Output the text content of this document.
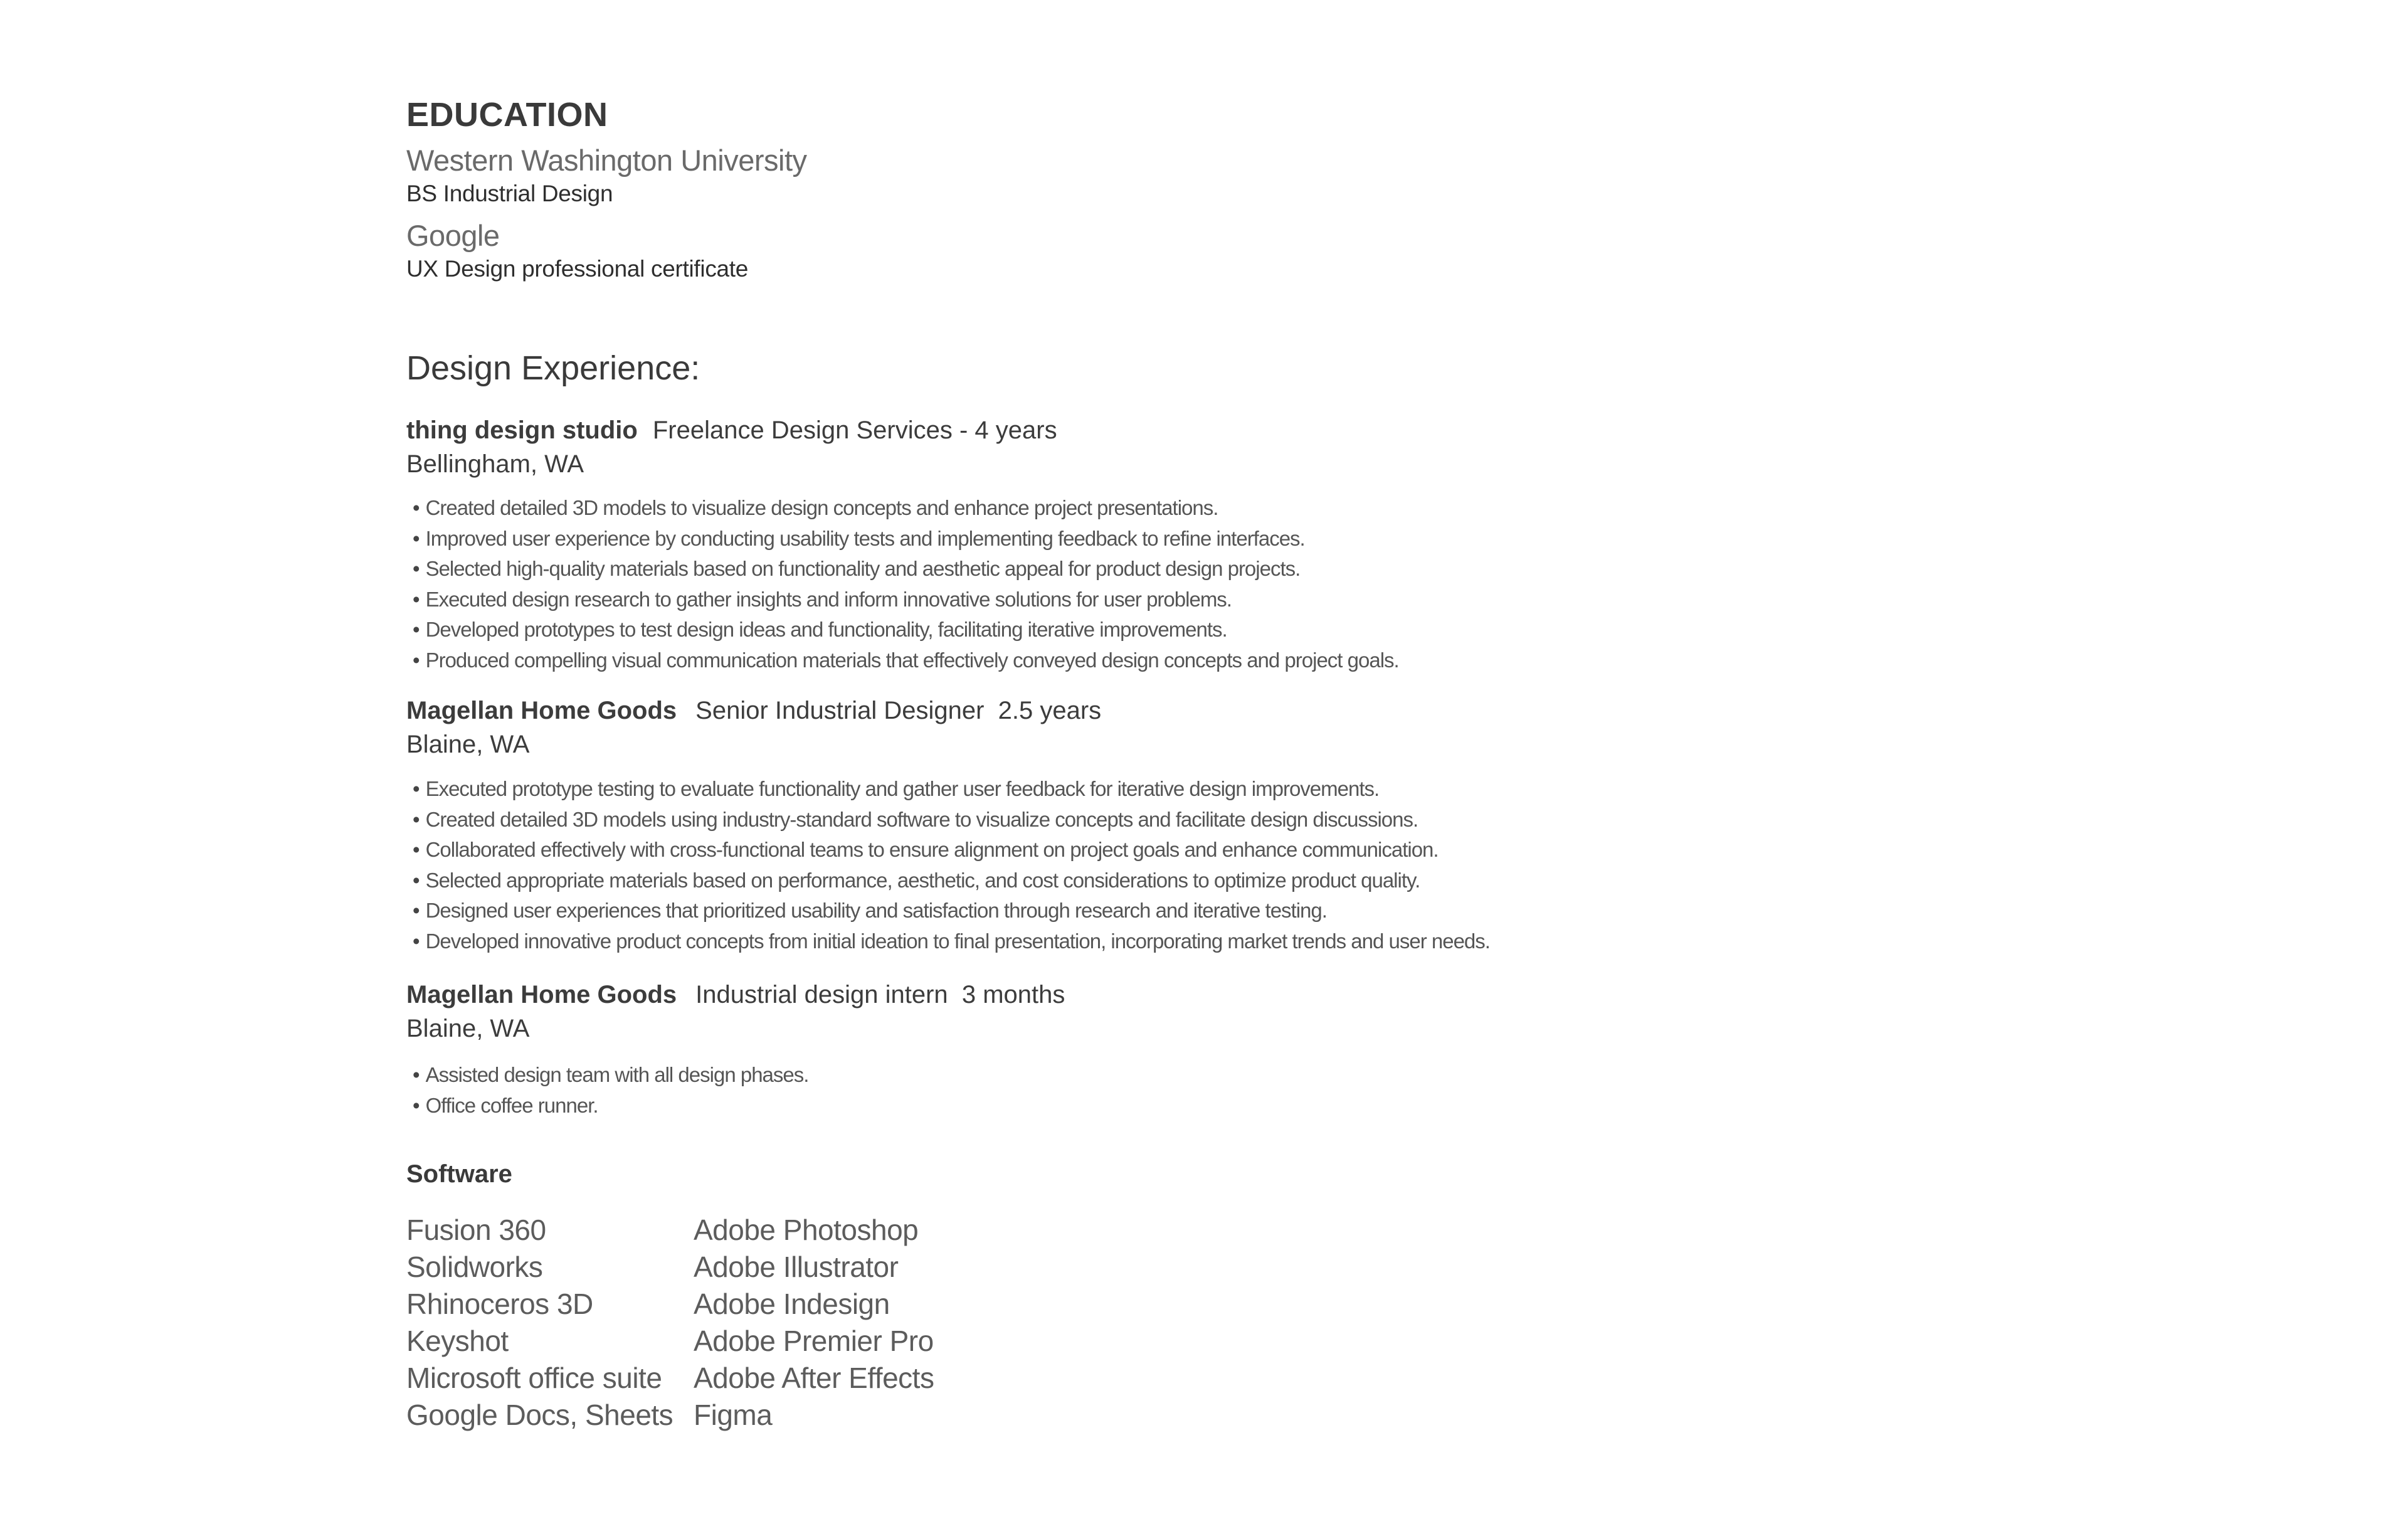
EDUCATION
Western Washington University
BS Industrial Design
Google
UX Design professional certificate
Design Experience:
thing design studio Freelance Design Services - 4 years
Bellingham, WA
• Created detailed 3D models to visualize design concepts and enhance project presentations.
• Improved user experience by conducting usability tests and implementing feedback to refine interfaces.
• Selected high-quality materials based on functionality and aesthetic appeal for product design projects.
• Executed design research to gather insights and inform innovative solutions for user problems.
• Developed prototypes to test design ideas and functionality, facilitating iterative improvements.
• Produced compelling visual communication materials that effectively conveyed design concepts and project goals.
Magellan Home Goods Senior Industrial Designer  2.5 years
Blaine, WA
• Executed prototype testing to evaluate functionality and gather user feedback for iterative design improvements.
• Created detailed 3D models using industry-standard software to visualize concepts and facilitate design discussions.
• Collaborated effectively with cross-functional teams to ensure alignment on project goals and enhance communication.
• Selected appropriate materials based on performance, aesthetic, and cost considerations to optimize product quality.
• Designed user experiences that prioritized usability and satisfaction through research and iterative testing.
• Developed innovative product concepts from initial ideation to final presentation, incorporating market trends and user needs.
Magellan Home Goods Industrial design intern  3 months
Blaine, WA
• Assisted design team with all design phases.
• Office coffee runner.
Software
Fusion 360
Solidworks
Rhinoceros 3D
Keyshot
Microsoft office suite
Google Docs, Sheets
Adobe Photoshop
Adobe Illustrator
Adobe Indesign
Adobe Premier Pro
Adobe After Effects
Figma
